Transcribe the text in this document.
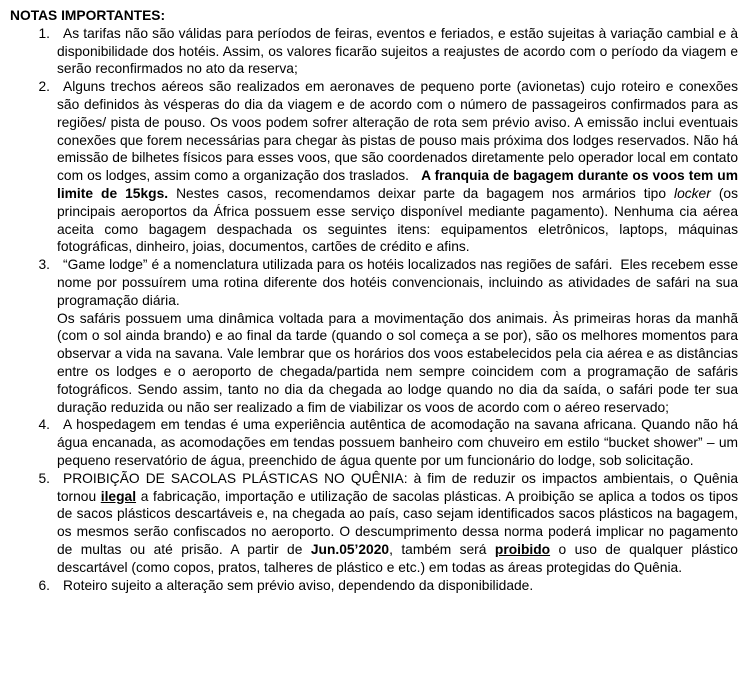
NOTAS IMPORTANTES:

1. As tarifas não são válidas para períodos de feiras, eventos e feriados, e estão sujeitas à variação cambial e à disponibilidade dos hotéis. Assim, os valores ficarão sujeitos a reajustes de acordo com o período da viagem e serão reconfirmados no ato da reserva;

2. Alguns trechos aéreos são realizados em aeronaves de pequeno porte (avionetas) cujo roteiro e conexões são definidos às vésperas do dia da viagem e de acordo com o número de passageiros confirmados para as regiões/ pista de pouso. Os voos podem sofrer alteração de rota sem prévio aviso. A emissão inclui eventuais conexões que forem necessárias para chegar às pistas de pouso mais próxima dos lodges reservados. Não há emissão de bilhetes físicos para esses voos, que são coordenados diretamente pelo operador local em contato com os lodges, assim como a organização dos traslados.   A franquia de bagagem durante os voos tem um limite de 15kgs. Nestes casos, recomendamos deixar parte da bagagem nos armários tipo locker (os principais aeroportos da África possuem esse serviço disponível mediante pagamento). Nenhuma cia aérea aceita como bagagem despachada os seguintes itens: equipamentos eletrônicos, laptops, máquinas fotográficas, dinheiro, joias, documentos, cartões de crédito e afins.

3. “Game lodge” é a nomenclatura utilizada para os hotéis localizados nas regiões de safári.  Eles recebem esse nome por possuírem uma rotina diferente dos hotéis convencionais, incluindo as atividades de safári na sua programação diária.

Os safáris possuem uma dinâmica voltada para a movimentação dos animais. Às primeiras horas da manhã (com o sol ainda brando) e ao final da tarde (quando o sol começa a se por), são os melhores momentos para observar a vida na savana. Vale lembrar que os horários dos voos estabelecidos pela cia aérea e as distâncias entre os lodges e o aeroporto de chegada/partida nem sempre coincidem com a programação de safáris fotográficos. Sendo assim, tanto no dia da chegada ao lodge quando no dia da saída, o safári pode ter sua duração reduzida ou não ser realizado a fim de viabilizar os voos de acordo com o aéreo reservado;

4. A hospedagem em tendas é uma experiência autêntica de acomodação na savana africana. Quando não há água encanada, as acomodações em tendas possuem banheiro com chuveiro em estilo “bucket shower” – um pequeno reservatório de água, preenchido de água quente por um funcionário do lodge, sob solicitação.

5. PROIBIÇÃO DE SACOLAS PLÁSTICAS NO QUÊNIA: à fim de reduzir os impactos ambientais, o Quênia tornou ilegal a fabricação, importação e utilização de sacolas plásticas. A proibição se aplica a todos os tipos de sacos plásticos descartáveis e, na chegada ao país, caso sejam identificados sacos plásticos na bagagem, os mesmos serão confiscados no aeroporto. O descumprimento dessa norma poderá implicar no pagamento de multas ou até prisão. A partir de Jun.05’2020, também será proibido o uso de qualquer plástico descartável (como copos, pratos, talheres de plástico e etc.) em todas as áreas protegidas do Quênia.

6. Roteiro sujeito a alteração sem prévio aviso, dependendo da disponibilidade.
